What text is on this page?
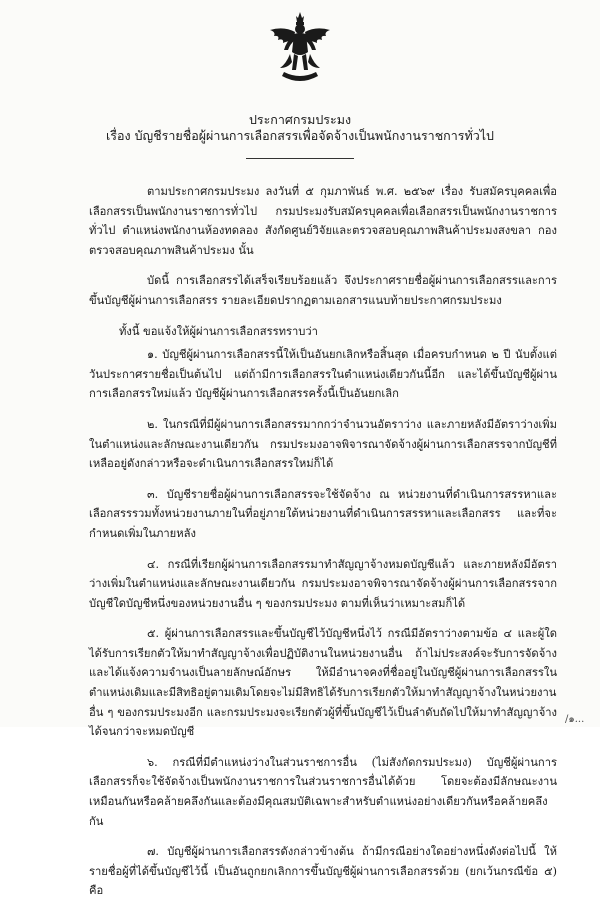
ประกาศกรมประมง
เรื่อง บัญชีรายชื่อผู้ผ่านการเลือกสรรเพื่อจัดจ้างเป็นพนักงานราชการทั่วไป

ตามประกาศกรมประมง ลงวันที่ ๕ กุมภาพันธ์ พ.ศ. ๒๕๖๙ เรื่อง รับสมัครบุคคลเพื่อเลือกสรรเป็นพนักงานราชการทั่วไป กรมประมงรับสมัครบุคคลเพื่อเลือกสรรเป็นพนักงานราชการทั่วไป ตำแหน่งพนักงานห้องทดลอง สังกัดศูนย์วิจัยและตรวจสอบคุณภาพสินค้าประมงสงขลา กองตรวจสอบคุณภาพสินค้าประมง นั้น

บัดนี้ การเลือกสรรได้เสร็จเรียบร้อยแล้ว จึงประกาศรายชื่อผู้ผ่านการเลือกสรรและการขึ้นบัญชีผู้ผ่านการเลือกสรร รายละเอียดปรากฏตามเอกสารแนบท้ายประกาศกรมประมง

ทั้งนี้ ขอแจ้งให้ผู้ผ่านการเลือกสรรทราบว่า

๑. บัญชีผู้ผ่านการเลือกสรรนี้ให้เป็นอันยกเลิกหรือสิ้นสุด เมื่อครบกำหนด ๒ ปี นับตั้งแต่วันประกาศรายชื่อเป็นต้นไป แต่ถ้ามีการเลือกสรรในตำแหน่งเดียวกันนี้อีก และได้ขึ้นบัญชีผู้ผ่านการเลือกสรรใหม่แล้ว บัญชีผู้ผ่านการเลือกสรรครั้งนี้เป็นอันยกเลิก

๒. ในกรณีที่มีผู้ผ่านการเลือกสรรมากกว่าจำนวนอัตราว่าง และภายหลังมีอัตราว่างเพิ่มในตำแหน่งและลักษณะงานเดียวกัน กรมประมงอาจพิจารณาจัดจ้างผู้ผ่านการเลือกสรรจากบัญชีที่เหลืออยู่ดังกล่าวหรือจะดำเนินการเลือกสรรใหม่ก็ได้

๓. บัญชีรายชื่อผู้ผ่านการเลือกสรรจะใช้จัดจ้าง ณ หน่วยงานที่ดำเนินการสรรหาและเลือกสรรรวมทั้งหน่วยงานภายในที่อยู่ภายใต้หน่วยงานที่ดำเนินการสรรหาและเลือกสรร และที่จะกำหนดเพิ่มในภายหลัง

๔. กรณีที่เรียกผู้ผ่านการเลือกสรรมาทำสัญญาจ้างหมดบัญชีแล้ว และภายหลังมีอัตราว่างเพิ่มในตำแหน่งและลักษณะงานเดียวกัน กรมประมงอาจพิจารณาจัดจ้างผู้ผ่านการเลือกสรรจากบัญชีใดบัญชีหนึ่งของหน่วยงานอื่น ๆ ของกรมประมง ตามที่เห็นว่าเหมาะสมก็ได้

๕. ผู้ผ่านการเลือกสรรและขึ้นบัญชีไว้บัญชีหนึ่งไว้ กรณีมีอัตราว่างตามข้อ ๔ และผู้ใดได้รับการเรียกตัวให้มาทำสัญญาจ้างเพื่อปฏิบัติงานในหน่วยงานอื่น ถ้าไม่ประสงค์จะรับการจัดจ้างและได้แจ้งความจำนงเป็นลายลักษณ์อักษร ให้มีอำนาจคงที่ชื่ออยู่ในบัญชีผู้ผ่านการเลือกสรรในตำแหน่งเดิมและมีสิทธิอยู่ตามเดิมโดยจะไม่มีสิทธิได้รับการเรียกตัวให้มาทำสัญญาจ้างในหน่วยงานอื่น ๆ ของกรมประมงอีก และกรมประมงจะเรียกตัวผู้ที่ขึ้นบัญชีไว้เป็นลำดับถัดไปให้มาทำสัญญาจ้างได้จนกว่าจะหมดบัญชี

๖. กรณีที่มีตำแหน่งว่างในส่วนราชการอื่น (ไม่สังกัดกรมประมง) บัญชีผู้ผ่านการเลือกสรรก็จะใช้จัดจ้างเป็นพนักงานราชการในส่วนราชการอื่นได้ด้วย โดยจะต้องมีลักษณะงานเหมือนกันหรือคล้ายคลึงกันและต้องมีคุณสมบัติเฉพาะสำหรับตำแหน่งอย่างเดียวกันหรือคล้ายคลึงกัน

๗. บัญชีผู้ผ่านการเลือกสรรดังกล่าวข้างต้น ถ้ามีกรณีอย่างใดอย่างหนึ่งดังต่อไปนี้ ให้รายชื่อผู้ที่ได้ขึ้นบัญชีไว้นี้ เป็นอันถูกยกเลิกการขึ้นบัญชีผู้ผ่านการเลือกสรรด้วย (ยกเว้นกรณีข้อ ๕) คือ

/๑...
